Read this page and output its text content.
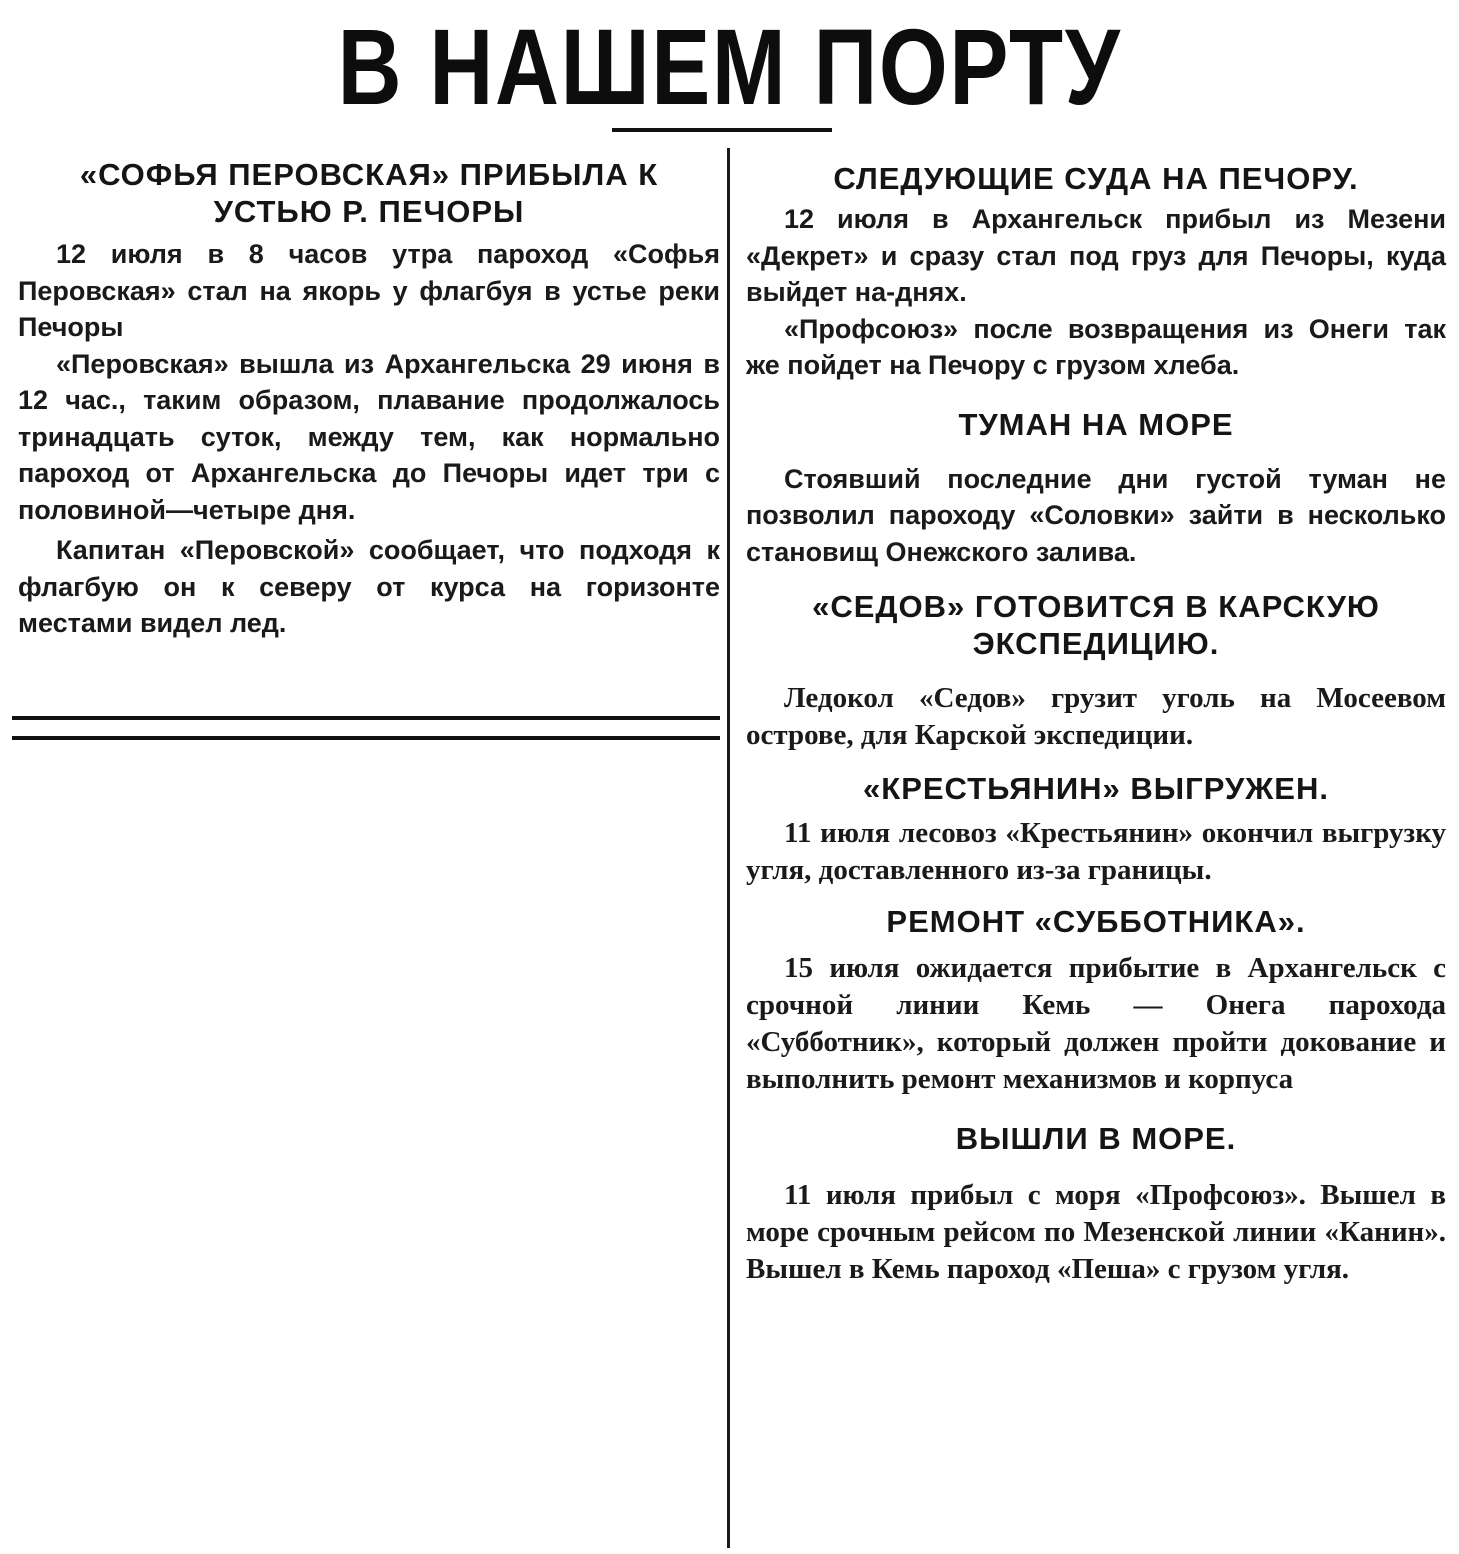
В НАШЕМ ПОРТУ
«СОФЬЯ ПЕРОВСКАЯ» ПРИБЫЛА К УСТЬЮ Р. ПЕЧОРЫ

12 июля в 8 часов утра пароход «Софья Перовская» стал на якорь у флагбуя в устье реки Печоры

«Перовская» вышла из Архангельска 29 июня в 12 час., таким образом, плавание продолжалось тринадцать суток, между тем, как нормально пароход от Архангельска до Печоры идет три с половиной—четыре дня.

Капитан «Перовской» сообщает, что подходя к флагбую он к северу от курса на горизонте местами видел лед.

СЛЕДУЮЩИЕ СУДА НА ПЕЧОРУ.

12 июля в Архангельск прибыл из Мезени «Декрет» и сразу стал под груз для Печоры, куда выйдет на-днях.

«Профсоюз» после возвращения из Онеги так же пойдет на Печору с грузом хлеба.

ТУМАН НА МОРЕ

Стоявший последние дни густой туман не позволил пароходу «Соловки» зайти в несколько становищ Онежского залива.

«СЕДОВ» ГОТОВИТСЯ В КАРСКУЮ ЭКСПЕДИЦИЮ.

Ледокол «Седов» грузит уголь на Мосеевом острове, для Карской экспедиции.

«КРЕСТЬЯНИН» ВЫГРУЖЕН.

11 июля лесовоз «Крестьянин» окончил выгрузку угля, доставленного из-за границы.

РЕМОНТ «СУББОТНИКА».

15 июля ожидается прибытие в Архангельск с срочной линии Кемь — Онега парохода «Субботник», который должен пройти докование и выполнить ремонт механизмов и корпуса

ВЫШЛИ В МОРЕ.

11 июля прибыл с моря «Профсоюз». Вышел в море срочным рейсом по Мезенской линии «Канин». Вышел в Кемь пароход «Пеша» с грузом угля.
